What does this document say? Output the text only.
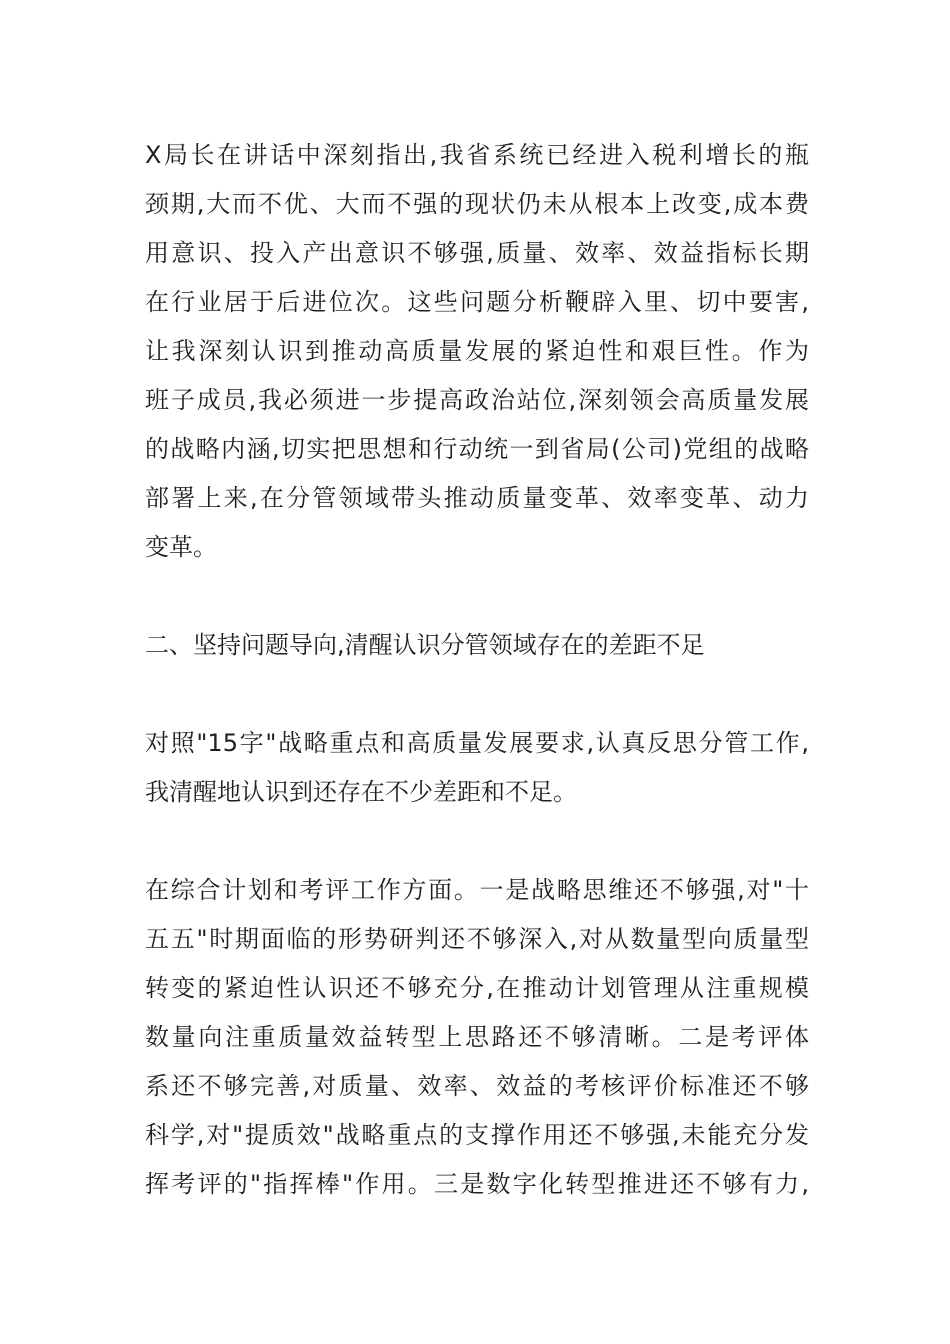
X局长在讲话中深刻指出,我省系统已经进入税利增长的瓶
颈期,大而不优、大而不强的现状仍未从根本上改变,成本费
用意识、投入产出意识不够强,质量、效率、效益指标长期
在行业居于后进位次。这些问题分析鞭辟入里、切中要害,
让我深刻认识到推动高质量发展的紧迫性和艰巨性。作为
班子成员,我必须进一步提高政治站位,深刻领会高质量发展
的战略内涵,切实把思想和行动统一到省局(公司)党组的战略
部署上来,在分管领域带头推动质量变革、效率变革、动力
变革。
二、坚持问题导向,清醒认识分管领域存在的差距不足
对照"15字"战略重点和高质量发展要求,认真反思分管工作,
我清醒地认识到还存在不少差距和不足。
在综合计划和考评工作方面。一是战略思维还不够强,对"十
五五"时期面临的形势研判还不够深入,对从数量型向质量型
转变的紧迫性认识还不够充分,在推动计划管理从注重规模
数量向注重质量效益转型上思路还不够清晰。二是考评体
系还不够完善,对质量、效率、效益的考核评价标准还不够
科学,对"提质效"战略重点的支撑作用还不够强,未能充分发
挥考评的"指挥棒"作用。三是数字化转型推进还不够有力,
